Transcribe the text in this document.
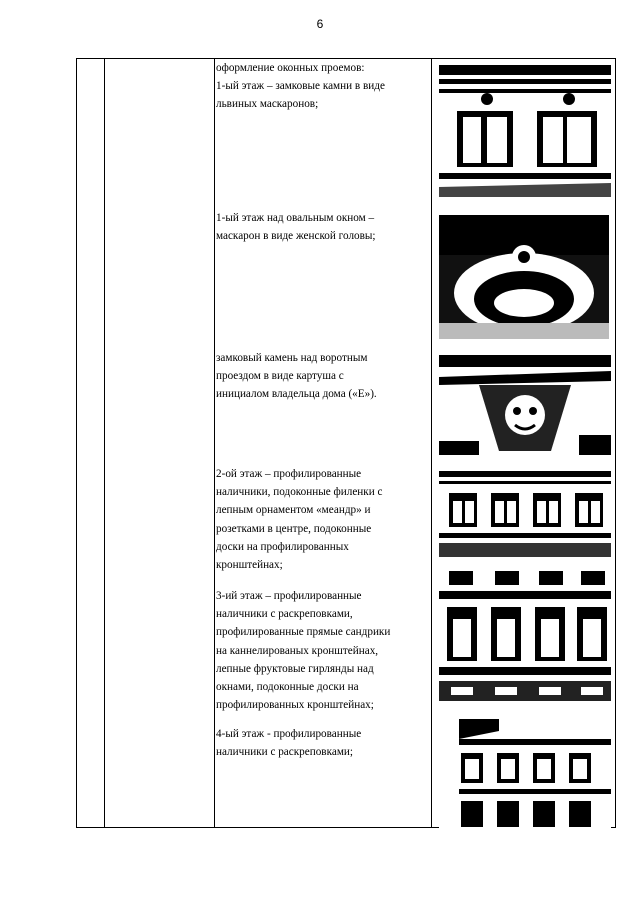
6
оформление оконных проемов:
1-ый этаж – замковые камни в виде
львиных маскаронов;
1-ый этаж над овальным окном –
маскарон в виде женской головы;
замковый камень над воротным
проездом в виде картуша с
инициалом владельца дома («Е»).
2-ой этаж – профилированные
наличники, подоконные филенки с
лепным орнаментом «меандр» и
розетками в центре, подоконные
доски на профилированных
кронштейнах;
3-ий этаж – профилированные
наличники с раскреповками,
профилированные прямые сандрики
на каннелированых кронштейнах,
лепные фруктовые гирлянды над
окнами, подоконные доски на
профилированных кронштейнах;
4-ый этаж - профилированные
наличники с раскреповками;
